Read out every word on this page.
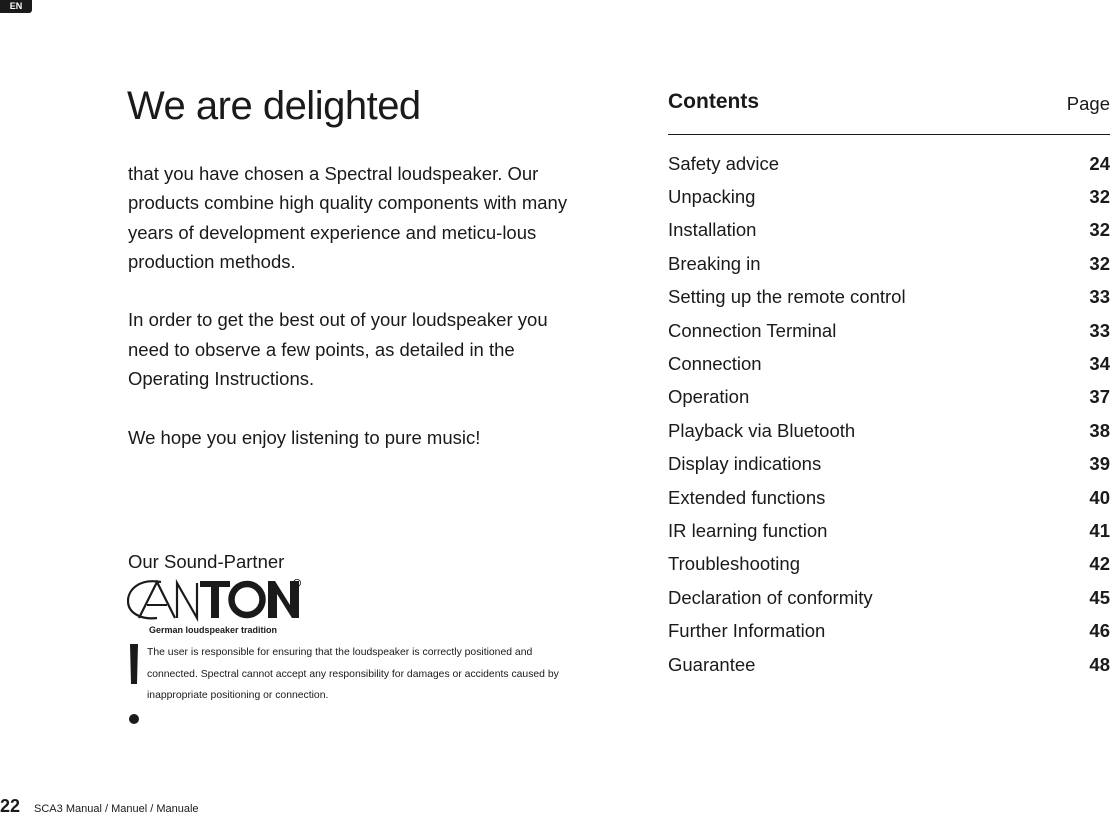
EN
We are delighted

that you have chosen a Spectral loudspeaker. Our products combine high quality components with many years of development experience and meticu-lous production methods.

In order to get the best out of your loudspeaker you need to observe a few points, as detailed in the Operating Instructions.

We hope you enjoy listening to pure music!

Our Sound-Partner
R
German loudspeaker tradition
The user is responsible for ensuring that the loudspeaker is correctly positioned and connected. Spectral cannot accept any responsibility for damages or accidents caused by inappropriate positioning or connection.
Contents	Page
Safety advice	24
Unpacking	32
Installation	32
Breaking in	32
Setting up the remote control	33
Connection Terminal	33
Connection	34
Operation	37
Playback via Bluetooth	38
Display indications	39
Extended functions	40
IR learning function	41
Troubleshooting	42
Declaration of conformity	45
Further Information	46
Guarantee	48
22 SCA3 Manual / Manuel / Manuale
